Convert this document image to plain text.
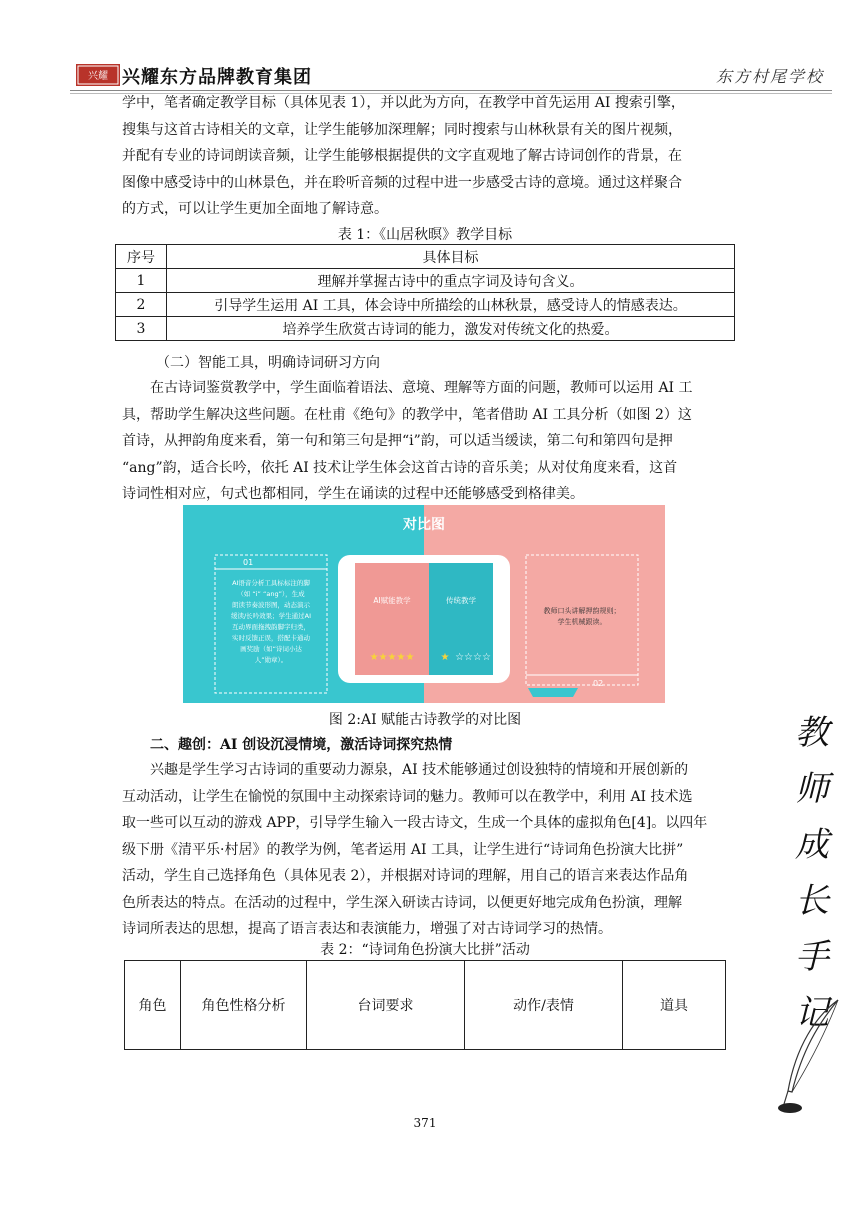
兴耀 兴耀东方品牌教育集团	东方村尾学校
学中，笔者确定教学目标（具体见表 1），并以此为方向，在教学中首先运用 AI 搜索引擎，
搜集与这首古诗相关的文章，让学生能够加深理解；同时搜索与山林秋景有关的图片视频，
并配有专业的诗词朗读音频，让学生能够根据提供的文字直观地了解古诗词创作的背景，在
图像中感受诗中的山林景色，并在聆听音频的过程中进一步感受古诗的意境。通过这样聚合
的方式，可以让学生更加全面地了解诗意。
表 1：《山居秋暝》教学目标
序号	具体目标
1	理解并掌握古诗中的重点字词及诗句含义。
2	引导学生运用 AI 工具，体会诗中所描绘的山林秋景，感受诗人的情感表达。
3	培养学生欣赏古诗词的能力，激发对传统文化的热爱。
（二）智能工具，明确诗词研习方向
在古诗词鉴赏教学中，学生面临着语法、意境、理解等方面的问题，教师可以运用 AI 工
具，帮助学生解决这些问题。在杜甫《绝句》的教学中，笔者借助 AI 工具分析（如图 2）这
首诗，从押韵角度来看，第一句和第三句是押“i”韵，可以适当缓读，第二句和第四句是押
“ang”韵，适合长吟，依托 AI 技术让学生体会这首古诗的音乐美；从对仗角度来看，这首
诗词性相对应，句式也都相同，学生在诵读的过程中还能够感受到格律美。
对比图
01
AI语音分析工具标标注的脚
（如 “i” “ang”），生成
朗读节奏波形图，动态演示
缓读/长吟效果；学生通过AI
互动界面拖拽韵脚字归类，
实时反馈正误，搭配卡通动
画奖励（如“诗词小达
人”勋章）。
AI赋能教学	传统教学
★★★★★	★ ☆☆☆☆
教师口头讲解押韵规则；
学生机械跟读。
02
图 2:AI 赋能古诗教学的对比图
二、趣创：AI 创设沉浸情境，激活诗词探究热情
兴趣是学生学习古诗词的重要动力源泉，AI 技术能够通过创设独特的情境和开展创新的
互动活动，让学生在愉悦的氛围中主动探索诗词的魅力。教师可以在教学中，利用 AI 技术选
取一些可以互动的游戏 APP，引导学生输入一段古诗文，生成一个具体的虚拟角色[4]。以四年
级下册《清平乐·村居》的教学为例，笔者运用 AI 工具，让学生进行“诗词角色扮演大比拼”
活动，学生自己选择角色（具体见表 2），并根据对诗词的理解，用自己的语言来表达作品角
色所表达的特点。在活动的过程中，学生深入研读古诗词，以便更好地完成角色扮演，理解
诗词所表达的思想，提高了语言表达和表演能力，增强了对古诗词学习的热情。
表 2：“诗词角色扮演大比拼”活动
角色	角色性格分析	台词要求	动作/表情	道具
教
师
成
长
手
记
371
